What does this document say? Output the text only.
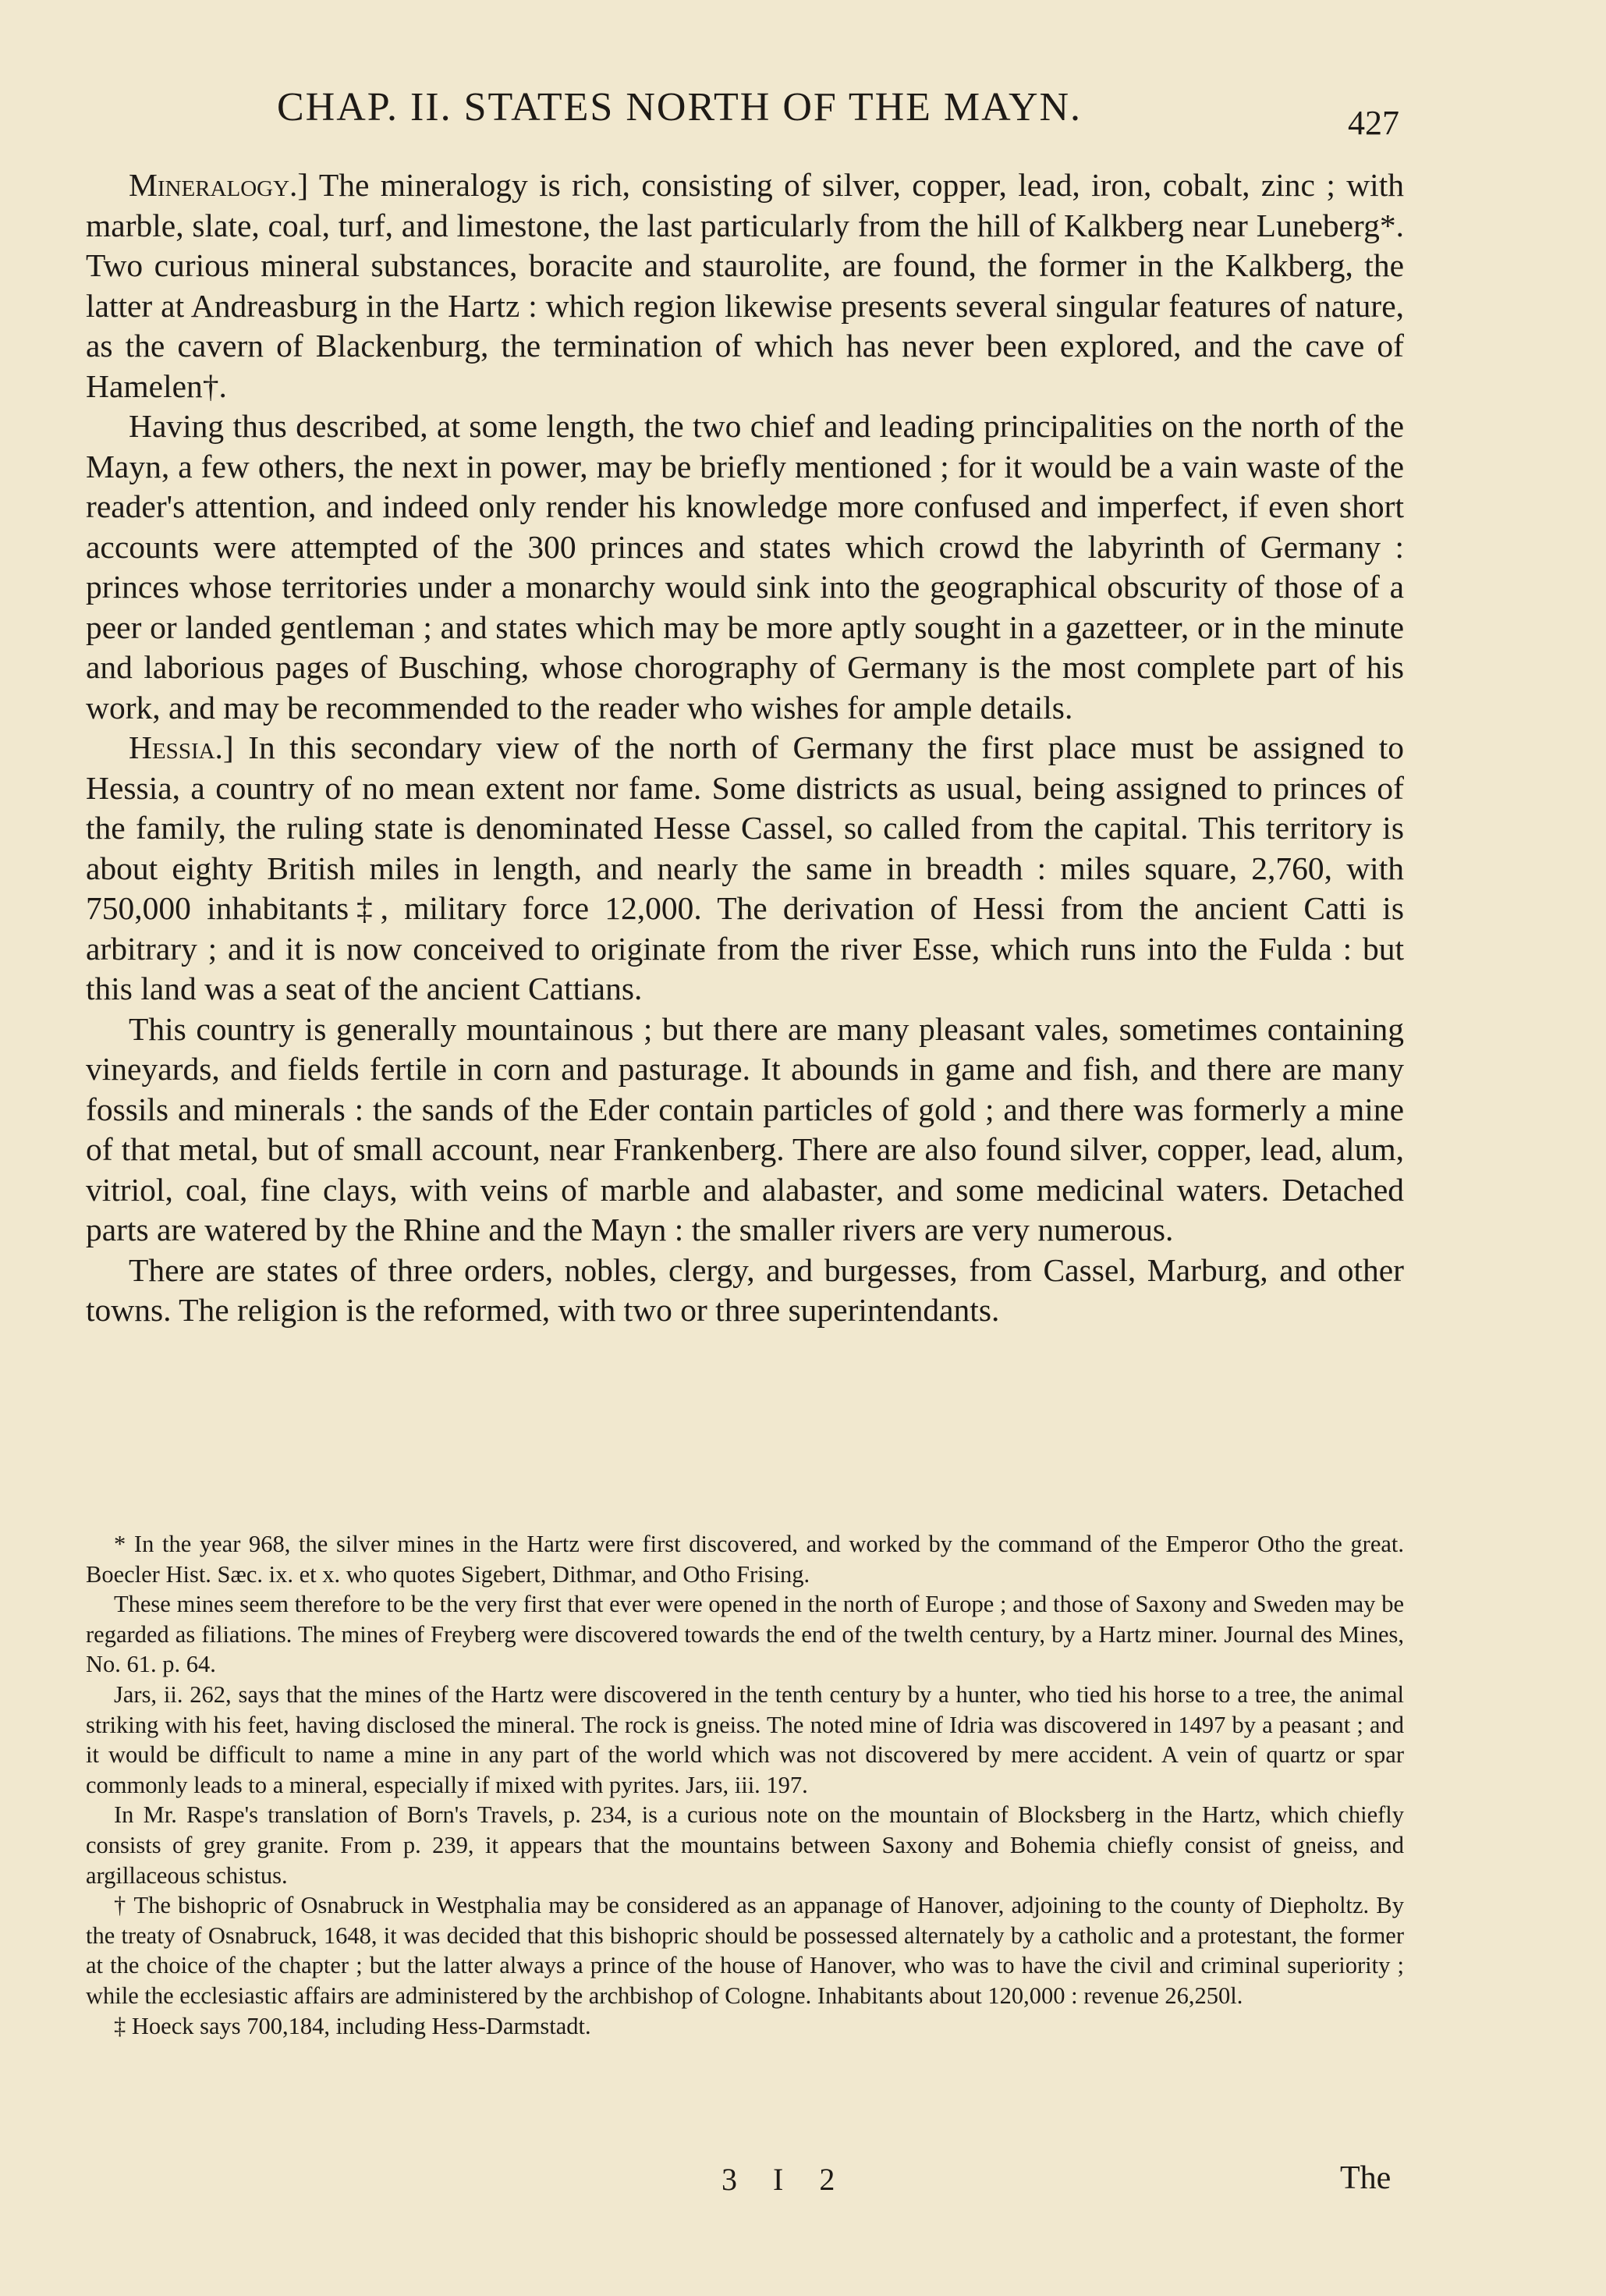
CHAP. II. STATES NORTH OF THE MAYN.	427

Mineralogy.] The mineralogy is rich, consisting of silver, copper, lead, iron, cobalt, zinc ; with marble, slate, coal, turf, and limestone, the last particularly from the hill of Kalkberg near Luneberg*. Two curious mineral substances, boracite and staurolite, are found, the former in the Kalkberg, the latter at Andreasburg in the Hartz : which region likewise presents several singular features of nature, as the cavern of Blackenburg, the termination of which has never been explored, and the cave of Hamelen†.

Having thus described, at some length, the two chief and leading principalities on the north of the Mayn, a few others, the next in power, may be briefly mentioned ; for it would be a vain waste of the reader's attention, and indeed only render his knowledge more confused and imperfect, if even short accounts were attempted of the 300 princes and states which crowd the labyrinth of Germany : princes whose territories under a monarchy would sink into the geographical obscurity of those of a peer or landed gentleman ; and states which may be more aptly sought in a gazetteer, or in the minute and laborious pages of Busching, whose chorography of Germany is the most complete part of his work, and may be recommended to the reader who wishes for ample details.

Hessia.] In this secondary view of the north of Germany the first place must be assigned to Hessia, a country of no mean extent nor fame. Some districts as usual, being assigned to princes of the family, the ruling state is denominated Hesse Cassel, so called from the capital. This territory is about eighty British miles in length, and nearly the same in breadth : miles square, 2,760, with 750,000 inhabitants‡, military force 12,000. The derivation of Hessi from the ancient Catti is arbitrary ; and it is now conceived to originate from the river Esse, which runs into the Fulda : but this land was a seat of the ancient Cattians.

This country is generally mountainous ; but there are many pleasant vales, sometimes containing vineyards, and fields fertile in corn and pasturage. It abounds in game and fish, and there are many fossils and minerals : the sands of the Eder contain particles of gold ; and there was formerly a mine of that metal, but of small account, near Frankenberg. There are also found silver, copper, lead, alum, vitriol, coal, fine clays, with veins of marble and alabaster, and some medicinal waters. Detached parts are watered by the Rhine and the Mayn : the smaller rivers are very numerous.

There are states of three orders, nobles, clergy, and burgesses, from Cassel, Marburg, and other towns. The religion is the reformed, with two or three superintendants.

* In the year 968, the silver mines in the Hartz were first discovered, and worked by the command of the Emperor Otho the great. Boecler Hist. Sæc. ix. et x. who quotes Sigebert, Dithmar, and Otho Frising.

These mines seem therefore to be the very first that ever were opened in the north of Europe ; and those of Saxony and Sweden may be regarded as filiations. The mines of Freyberg were discovered towards the end of the twelth century, by a Hartz miner. Journal des Mines, No. 61. p. 64.

Jars, ii. 262, says that the mines of the Hartz were discovered in the tenth century by a hunter, who tied his horse to a tree, the animal striking with his feet, having disclosed the mineral. The rock is gneiss. The noted mine of Idria was discovered in 1497 by a peasant ; and it would be difficult to name a mine in any part of the world which was not discovered by mere accident. A vein of quartz or spar commonly leads to a mineral, especially if mixed with pyrites. Jars, iii. 197.

In Mr. Raspe's translation of Born's Travels, p. 234, is a curious note on the mountain of Blocksberg in the Hartz, which chiefly consists of grey granite. From p. 239, it appears that the mountains between Saxony and Bohemia chiefly consist of gneiss, and argillaceous schistus.

† The bishopric of Osnabruck in Westphalia may be considered as an appanage of Hanover, adjoining to the county of Diepholtz. By the treaty of Osnabruck, 1648, it was decided that this bishopric should be possessed alternately by a catholic and a protestant, the former at the choice of the chapter ; but the latter always a prince of the house of Hanover, who was to have the civil and criminal superiority ; while the ecclesiastic affairs are administered by the archbishop of Cologne. Inhabitants about 120,000 : revenue 26,250l.

‡ Hoeck says 700,184, including Hess-Darmstadt.

3 I 2	The
